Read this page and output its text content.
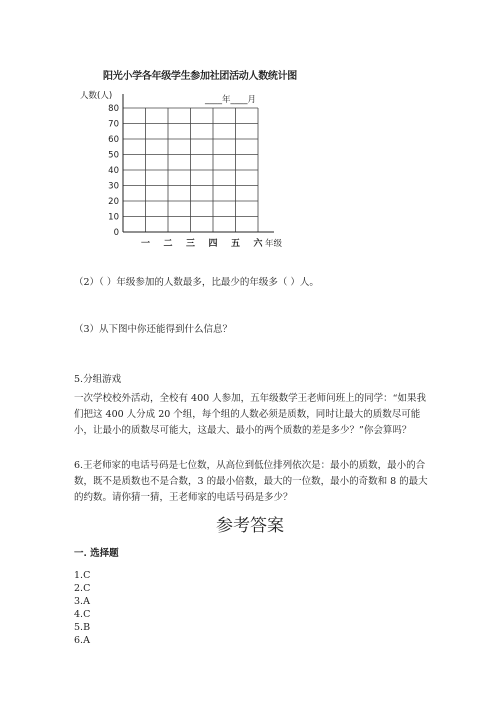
阳光小学各年级学生参加社团活动人数统计图
0
10
20
30
40
50
60
70
80
一 二 三 四 五 六
人数(人)
年级
____年____月
（2）（ ）年级参加的人数最多，比最少的年级多（ ）人。
（3）从下图中你还能得到什么信息？
5.分组游戏
一次学校校外活动，全校有 400 人参加，五年级数学王老师问班上的同学：“如果我们把这 400 人分成 20 个组，每个组的人数必须是质数，同时让最大的质数尽可能小，让最小的质数尽可能大，这最大、最小的两个质数的差是多少？”你会算吗？
6.王老师家的电话号码是七位数，从高位到低位排列依次是：最小的质数，最小的合数，既不是质数也不是合数，3 的最小倍数，最大的一位数，最小的奇数和 8 的最大的约数。请你猜一猜，王老师家的电话号码是多少？
参考答案
一. 选择题
1.C
2.C
3.A
4.C
5.B
6.A
